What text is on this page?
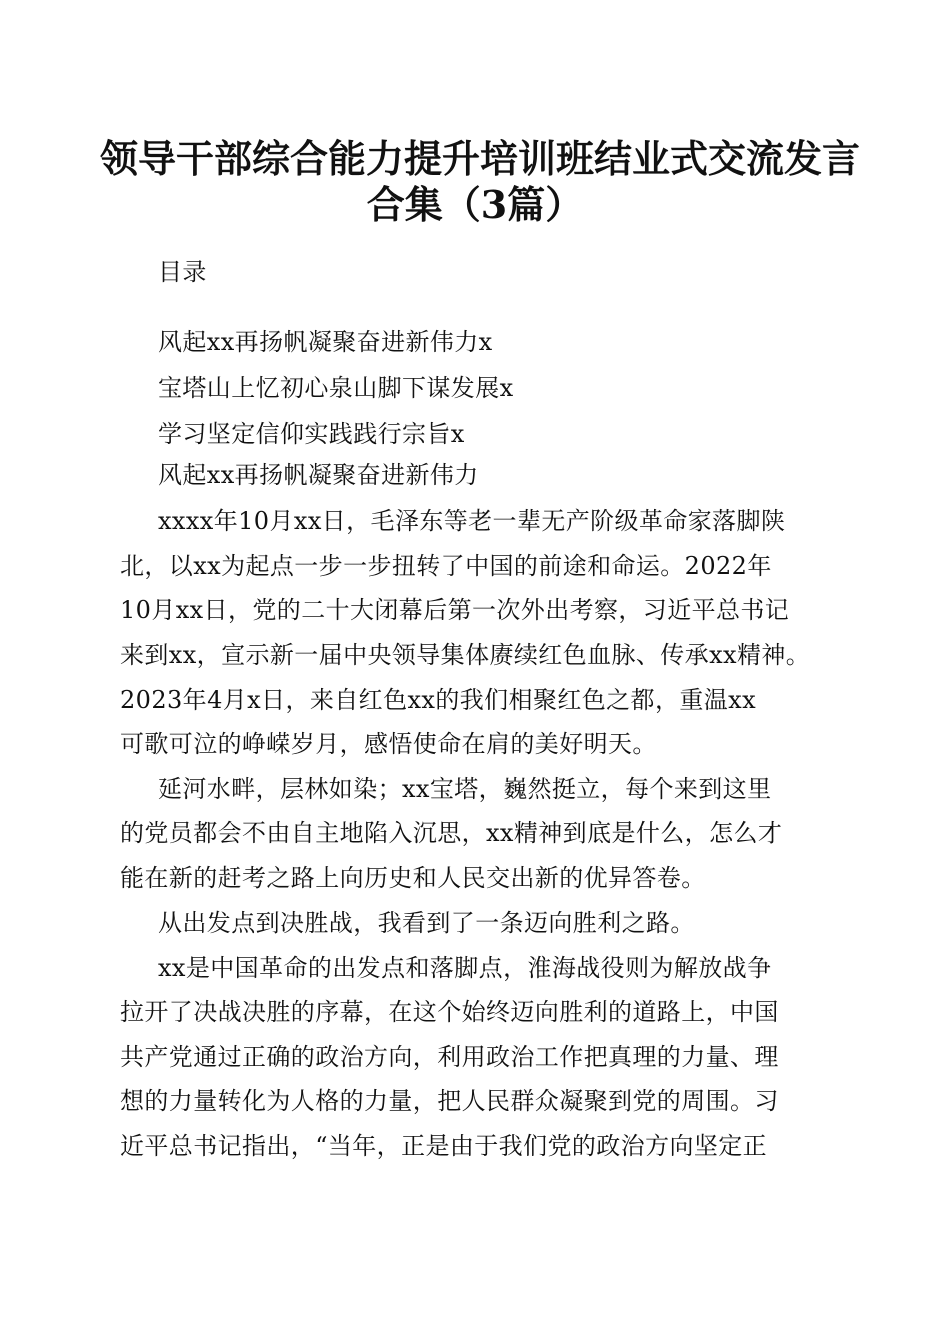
领导干部综合能力提升培训班结业式交流发言
合集（3篇）
目录
风起xx再扬帆凝聚奋进新伟力x
宝塔山上忆初心泉山脚下谋发展x
学习坚定信仰实践践行宗旨x
风起xx再扬帆凝聚奋进新伟力
xxxx年10月xx日，毛泽东等老一辈无产阶级革命家落脚陕
北，以xx为起点一步一步扭转了中国的前途和命运。2022年
10月xx日，党的二十大闭幕后第一次外出考察，习近平总书记
来到xx，宣示新一届中央领导集体赓续红色血脉、传承xx精神。
2023年4月x日，来自红色xx的我们相聚红色之都，重温xx
可歌可泣的峥嵘岁月，感悟使命在肩的美好明天。
延河水畔，层林如染；xx宝塔，巍然挺立，每个来到这里
的党员都会不由自主地陷入沉思，xx精神到底是什么，怎么才
能在新的赶考之路上向历史和人民交出新的优异答卷。
从出发点到决胜战，我看到了一条迈向胜利之路。
xx是中国革命的出发点和落脚点，淮海战役则为解放战争
拉开了决战决胜的序幕，在这个始终迈向胜利的道路上，中国
共产党通过正确的政治方向，利用政治工作把真理的力量、理
想的力量转化为人格的力量，把人民群众凝聚到党的周围。习
近平总书记指出，“当年，正是由于我们党的政治方向坚定正
